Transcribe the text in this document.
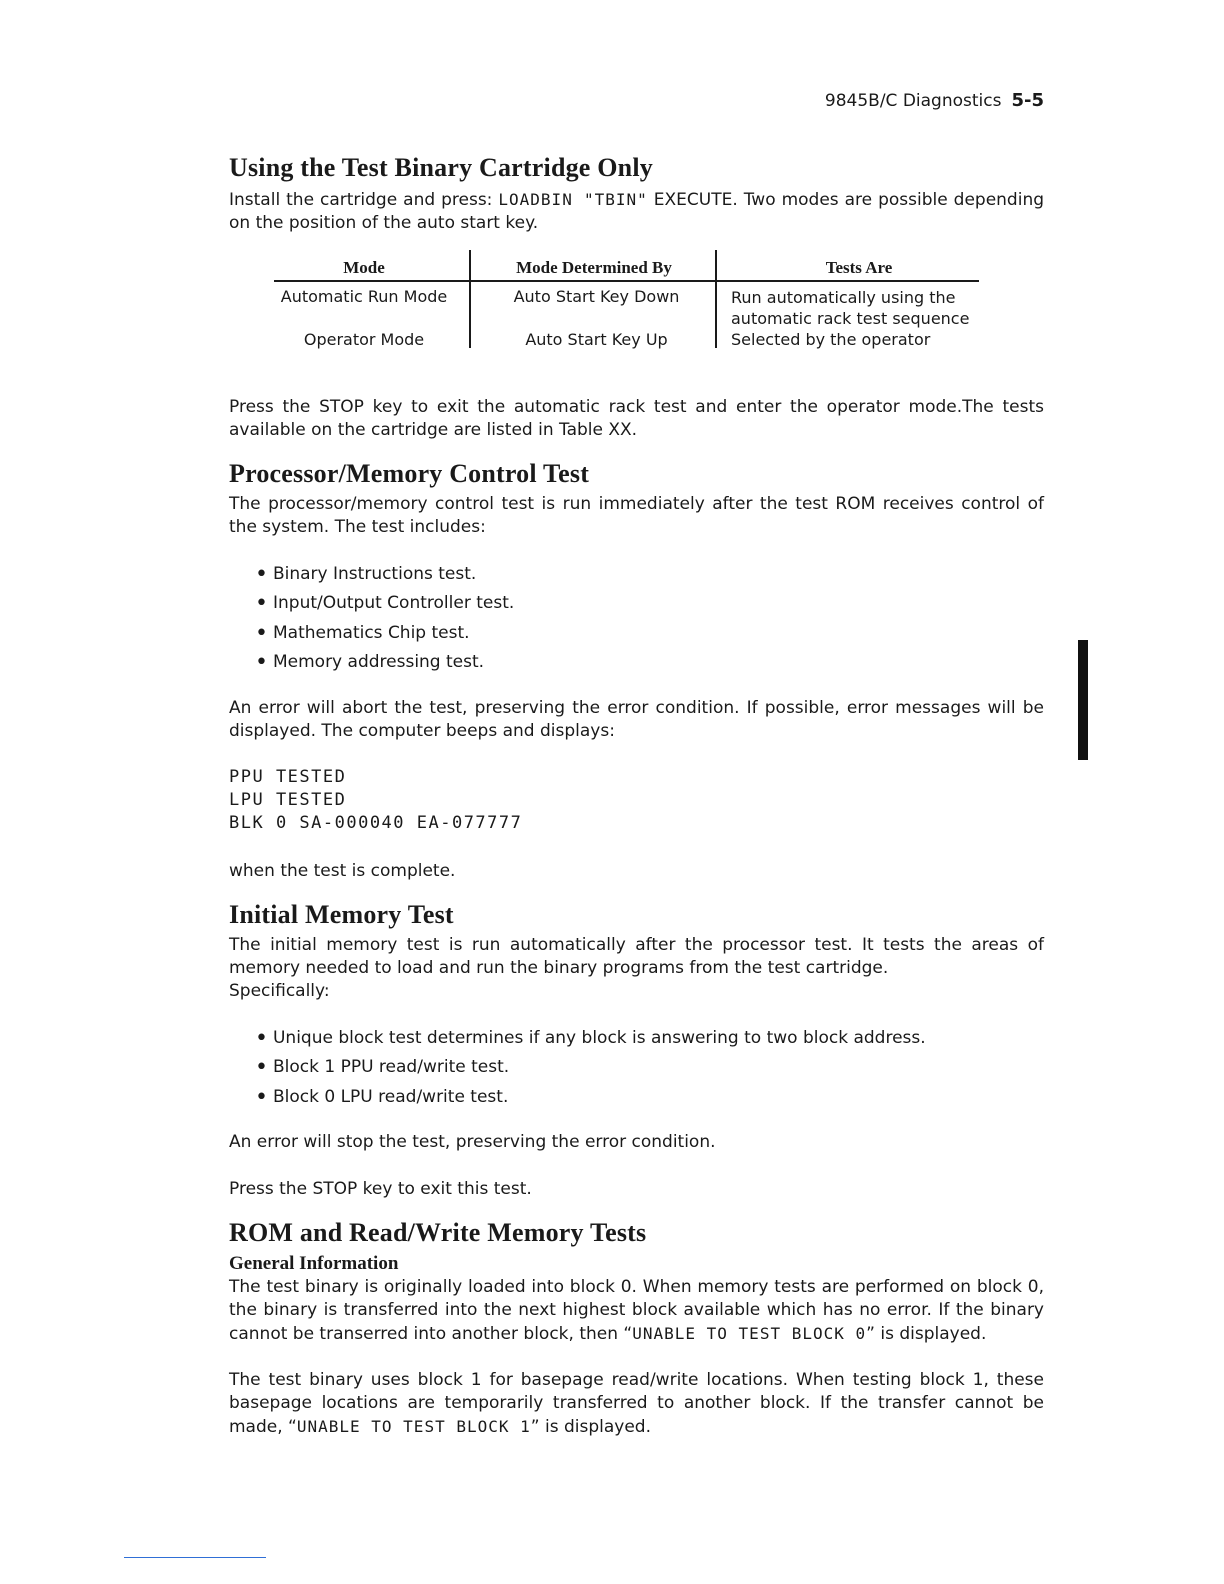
9845B/C Diagnostics 5-5
Using the Test Binary Cartridge Only

Install the cartridge and press: LOADBIN "TBIN" EXECUTE. Two modes are possible depending on the position of the auto start key.

Mode	Mode Determined By	Tests Are
Automatic Run Mode	Auto Start Key Down	Run automatically using the automatic rack test sequence
Operator Mode	Auto Start Key Up	Selected by the operator

Press the STOP key to exit the automatic rack test and enter the operator mode.The tests available on the cartridge are listed in Table XX.

Processor/Memory Control Test

The processor/memory control test is run immediately after the test ROM receives control of the system. The test includes:

• Binary Instructions test.
• Input/Output Controller test.
• Mathematics Chip test.
• Memory addressing test.

An error will abort the test, preserving the error condition. If possible, error messages will be displayed. The computer beeps and displays:

PPU TESTED
LPU TESTED
BLK 0 SA-000040 EA-077777

when the test is complete.

Initial Memory Test

The initial memory test is run automatically after the processor test. It tests the areas of memory needed to load and run the binary programs from the test cartridge.

Specifically:

• Unique block test determines if any block is answering to two block address.
• Block 1 PPU read/write test.
• Block 0 LPU read/write test.

An error will stop the test, preserving the error condition.

Press the STOP key to exit this test.

ROM and Read/Write Memory Tests
General Information

The test binary is originally loaded into block 0. When memory tests are performed on block 0, the binary is transferred into the next highest block available which has no error. If the binary cannot be transerred into another block, then “UNABLE TO TEST BLOCK 0” is displayed.

The test binary uses block 1 for basepage read/write locations. When testing block 1, these basepage locations are temporarily transferred to another block. If the transfer cannot be made, “UNABLE TO TEST BLOCK 1” is displayed.
